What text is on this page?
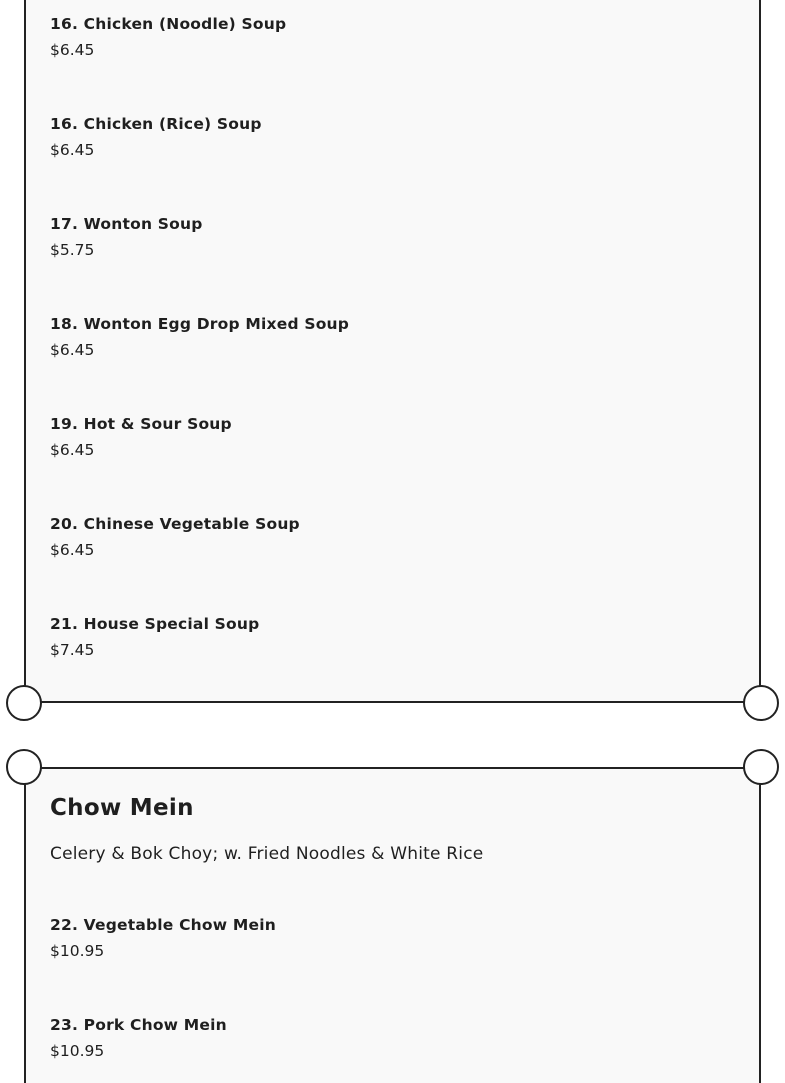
16. Chicken (Noodle) Soup
$6.45
16. Chicken (Rice) Soup
$6.45
17. Wonton Soup
$5.75
18. Wonton Egg Drop Mixed Soup
$6.45
19. Hot & Sour Soup
$6.45
20. Chinese Vegetable Soup
$6.45
21. House Special Soup
$7.45
Chow Mein
Celery & Bok Choy; w. Fried Noodles & White Rice
22. Vegetable Chow Mein
$10.95
23. Pork Chow Mein
$10.95
